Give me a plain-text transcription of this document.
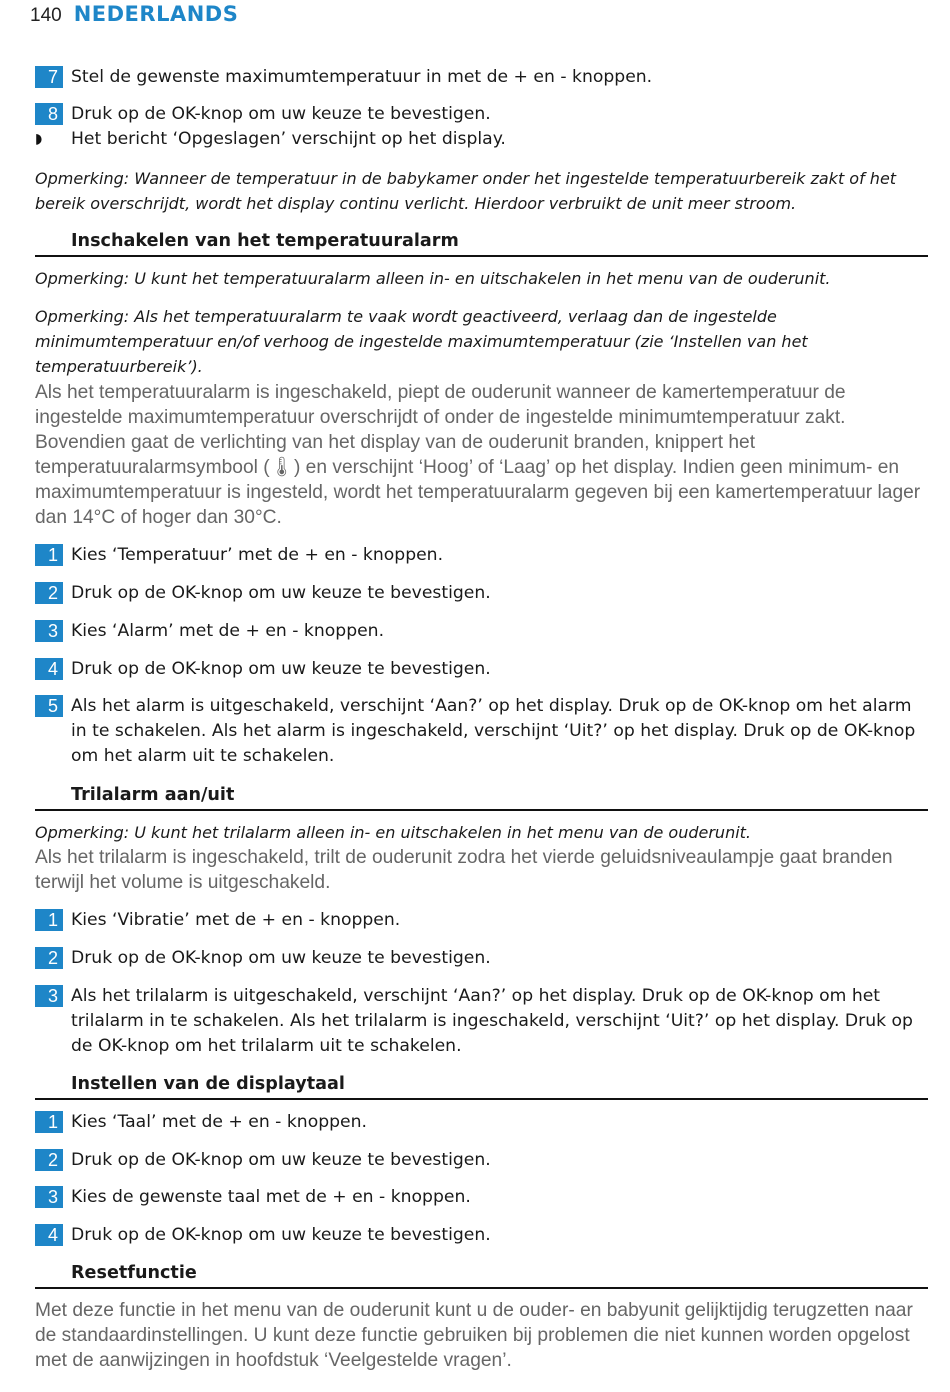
140 NEDERLANDS
7 Stel de gewenste maximumtemperatuur in met de + en - knoppen.
8 Druk op de OK-knop om uw keuze te bevestigen.
◗	Het bericht ‘Opgeslagen’ verschijnt op het display.
Opmerking: Wanneer de temperatuur in de babykamer onder het ingestelde temperatuurbereik zakt of het bereik overschrijdt, wordt het display continu verlicht. Hierdoor verbruikt de unit meer stroom.
Inschakelen van het temperatuuralarm
Opmerking: U kunt het temperatuuralarm alleen in- en uitschakelen in het menu van de ouderunit.
Opmerking: Als het temperatuuralarm te vaak wordt geactiveerd, verlaag dan de ingestelde minimumtemperatuur en/of verhoog de ingestelde maximumtemperatuur (zie ‘Instellen van het temperatuurbereik’).
Als het temperatuuralarm is ingeschakeld, piept de ouderunit wanneer de kamertemperatuur de ingestelde maximumtemperatuur overschrijdt of onder de ingestelde minimumtemperatuur zakt. Bovendien gaat de verlichting van het display van de ouderunit branden, knippert het temperatuuralarmsymbool (🌡) en verschijnt ‘Hoog’ of ‘Laag’ op het display. Indien geen minimum- en maximumtemperatuur is ingesteld, wordt het temperatuuralarm gegeven bij een kamertemperatuur lager dan 14°C of hoger dan 30°C.
1 Kies ‘Temperatuur’ met de + en - knoppen.
2 Druk op de OK-knop om uw keuze te bevestigen.
3 Kies ‘Alarm’ met de + en - knoppen.
4 Druk op de OK-knop om uw keuze te bevestigen.
5 Als het alarm is uitgeschakeld, verschijnt ‘Aan?’ op het display. Druk op de OK-knop om het alarm in te schakelen. Als het alarm is ingeschakeld, verschijnt ‘Uit?’ op het display. Druk op de OK-knop om het alarm uit te schakelen.
Trilalarm aan/uit
Opmerking: U kunt het trilalarm alleen in- en uitschakelen in het menu van de ouderunit.
Als het trilalarm is ingeschakeld, trilt de ouderunit zodra het vierde geluidsniveaulampje gaat branden terwijl het volume is uitgeschakeld.
1 Kies ‘Vibratie’ met de + en - knoppen.
2 Druk op de OK-knop om uw keuze te bevestigen.
3 Als het trilalarm is uitgeschakeld, verschijnt ‘Aan?’ op het display. Druk op de OK-knop om het trilalarm in te schakelen. Als het trilalarm is ingeschakeld, verschijnt ‘Uit?’ op het display. Druk op de OK-knop om het trilalarm uit te schakelen.
Instellen van de displaytaal
1 Kies ‘Taal’ met de + en - knoppen.
2 Druk op de OK-knop om uw keuze te bevestigen.
3 Kies de gewenste taal met de + en - knoppen.
4 Druk op de OK-knop om uw keuze te bevestigen.
Resetfunctie
Met deze functie in het menu van de ouderunit kunt u de ouder- en babyunit gelijktijdig terugzetten naar de standaardinstellingen. U kunt deze functie gebruiken bij problemen die niet kunnen worden opgelost met de aanwijzingen in hoofdstuk ‘Veelgestelde vragen’.
